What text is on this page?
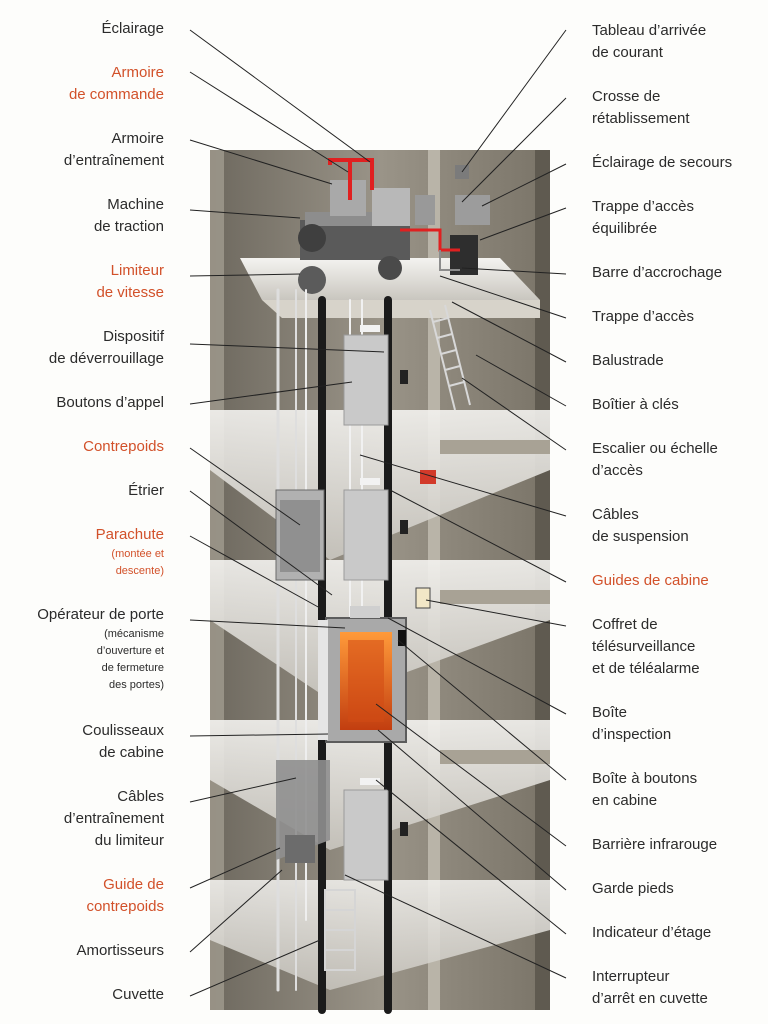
Éclairage
Armoire
de commande
Armoire
d’entraînement
Machine
de traction
Limiteur
de vitesse
Dispositif
de déverrouillage
Boutons d’appel
Contrepoids
Étrier
Parachute
(montée et
descente)
Opérateur de porte
(mécanisme
d’ouverture et
de fermeture
des portes)
Coulisseaux
de cabine
Câbles
d’entraînement
du limiteur
Guide de
contrepoids
Amortisseurs
Cuvette
Tableau d’arrivée
de courant
Crosse de
rétablissement
Éclairage de secours
Trappe d’accès
équilibrée
Barre d’accrochage
Trappe d’accès
Balustrade
Boîtier à clés
Escalier ou échelle
d’accès
Câbles
de suspension
Guides de cabine
Coffret de
télésurveillance
et de téléalarme
Boîte
d’inspection
Boîte à boutons
en cabine
Barrière infrarouge
Garde pieds
Indicateur d’étage
Interrupteur
d’arrêt en cuvette
